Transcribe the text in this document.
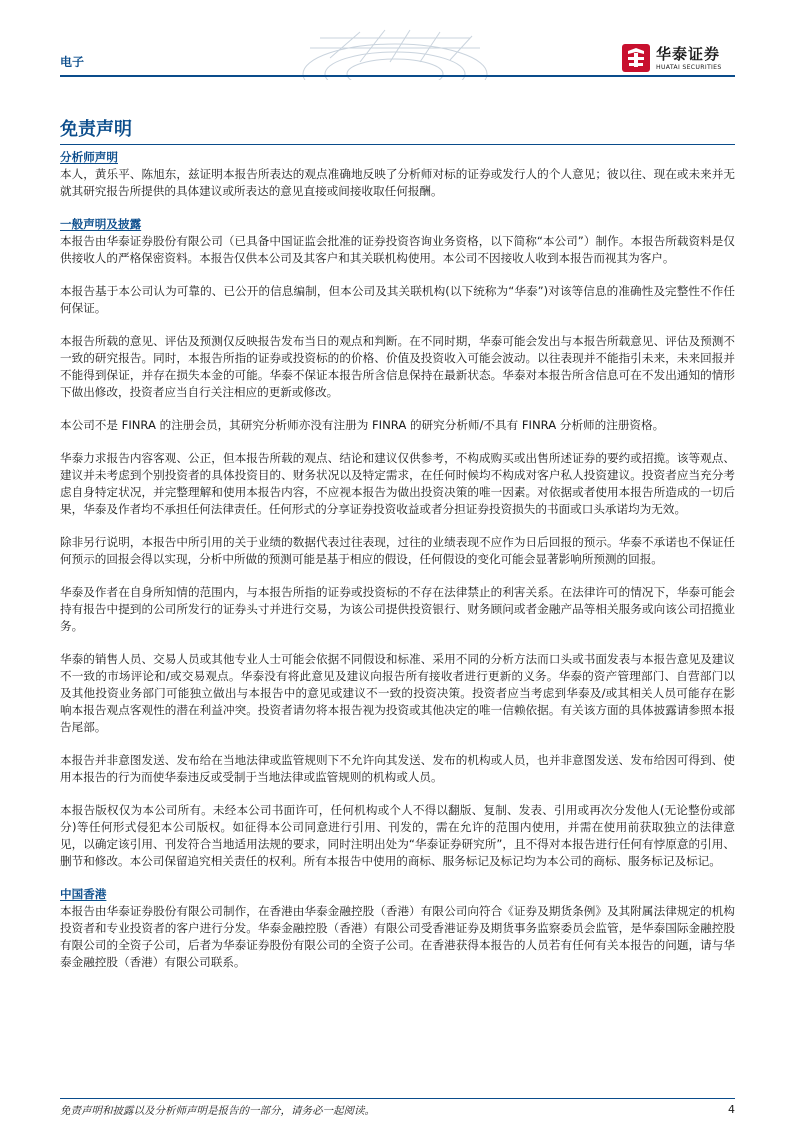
电子	华泰证券
HUATAI SECURITIES
免责声明
分析师声明

本人，黄乐平、陈旭东，兹证明本报告所表达的观点准确地反映了分析师对标的证券或发行人的个人意见；彼以往、现在或未来并无就其研究报告所提供的具体建议或所表达的意见直接或间接收取任何报酬。

一般声明及披露

本报告由华泰证券股份有限公司（已具备中国证监会批准的证券投资咨询业务资格，以下简称“本公司”）制作。本报告所载资料是仅供接收人的严格保密资料。本报告仅供本公司及其客户和其关联机构使用。本公司不因接收人收到本报告而视其为客户。

本报告基于本公司认为可靠的、已公开的信息编制，但本公司及其关联机构(以下统称为“华泰”)对该等信息的准确性及完整性不作任何保证。

本报告所载的意见、评估及预测仅反映报告发布当日的观点和判断。在不同时期，华泰可能会发出与本报告所载意见、评估及预测不一致的研究报告。同时，本报告所指的证券或投资标的的价格、价值及投资收入可能会波动。以往表现并不能指引未来，未来回报并不能得到保证，并存在损失本金的可能。华泰不保证本报告所含信息保持在最新状态。华泰对本报告所含信息可在不发出通知的情形下做出修改，投资者应当自行关注相应的更新或修改。

本公司不是 FINRA 的注册会员，其研究分析师亦没有注册为 FINRA 的研究分析师/不具有 FINRA 分析师的注册资格。

华泰力求报告内容客观、公正，但本报告所载的观点、结论和建议仅供参考，不构成购买或出售所述证券的要约或招揽。该等观点、建议并未考虑到个别投资者的具体投资目的、财务状况以及特定需求，在任何时候均不构成对客户私人投资建议。投资者应当充分考虑自身特定状况，并完整理解和使用本报告内容，不应视本报告为做出投资决策的唯一因素。对依据或者使用本报告所造成的一切后果，华泰及作者均不承担任何法律责任。任何形式的分享证券投资收益或者分担证券投资损失的书面或口头承诺均为无效。

除非另行说明，本报告中所引用的关于业绩的数据代表过往表现，过往的业绩表现不应作为日后回报的预示。华泰不承诺也不保证任何预示的回报会得以实现，分析中所做的预测可能是基于相应的假设，任何假设的变化可能会显著影响所预测的回报。

华泰及作者在自身所知情的范围内，与本报告所指的证券或投资标的不存在法律禁止的利害关系。在法律许可的情况下，华泰可能会持有报告中提到的公司所发行的证券头寸并进行交易，为该公司提供投资银行、财务顾问或者金融产品等相关服务或向该公司招揽业务。

华泰的销售人员、交易人员或其他专业人士可能会依据不同假设和标准、采用不同的分析方法而口头或书面发表与本报告意见及建议不一致的市场评论和/或交易观点。华泰没有将此意见及建议向报告所有接收者进行更新的义务。华泰的资产管理部门、自营部门以及其他投资业务部门可能独立做出与本报告中的意见或建议不一致的投资决策。投资者应当考虑到华泰及/或其相关人员可能存在影响本报告观点客观性的潜在利益冲突。投资者请勿将本报告视为投资或其他决定的唯一信赖依据。有关该方面的具体披露请参照本报告尾部。

本报告并非意图发送、发布给在当地法律或监管规则下不允许向其发送、发布的机构或人员，也并非意图发送、发布给因可得到、使用本报告的行为而使华泰违反或受制于当地法律或监管规则的机构或人员。

本报告版权仅为本公司所有。未经本公司书面许可，任何机构或个人不得以翻版、复制、发表、引用或再次分发他人(无论整份或部分)等任何形式侵犯本公司版权。如征得本公司同意进行引用、刊发的，需在允许的范围内使用，并需在使用前获取独立的法律意见，以确定该引用、刊发符合当地适用法规的要求，同时注明出处为“华泰证券研究所”，且不得对本报告进行任何有悖原意的引用、删节和修改。本公司保留追究相关责任的权利。所有本报告中使用的商标、服务标记及标记均为本公司的商标、服务标记及标记。

中国香港

本报告由华泰证券股份有限公司制作，在香港由华泰金融控股（香港）有限公司向符合《证券及期货条例》及其附属法律规定的机构投资者和专业投资者的客户进行分发。华泰金融控股（香港）有限公司受香港证券及期货事务监察委员会监管，是华泰国际金融控股有限公司的全资子公司，后者为华泰证券股份有限公司的全资子公司。在香港获得本报告的人员若有任何有关本报告的问题，请与华泰金融控股（香港）有限公司联系。

免责声明和披露以及分析师声明是报告的一部分，请务必一起阅读。	4
